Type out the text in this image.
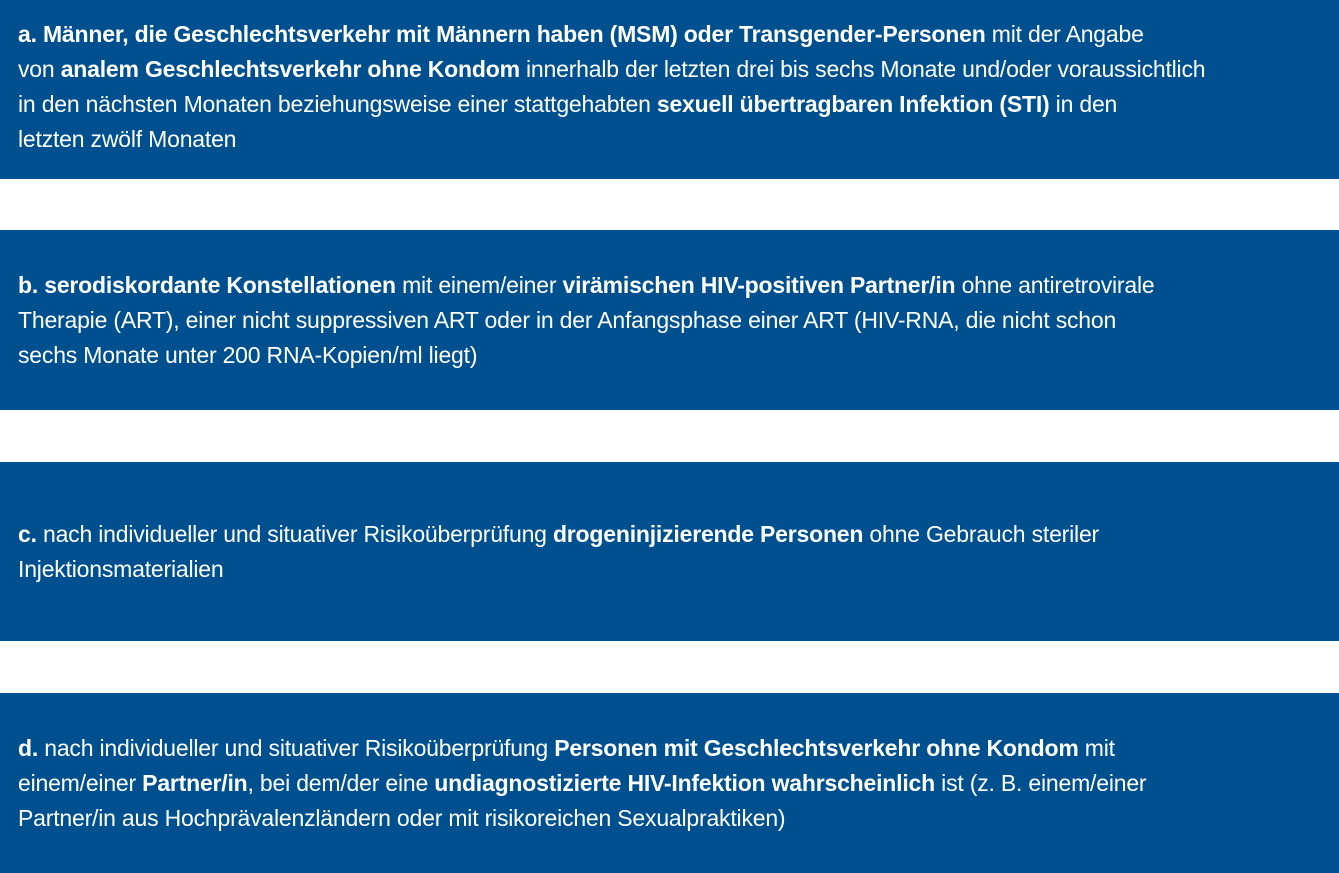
a. Männer, die Geschlechtsverkehr mit Männern haben (MSM) oder Transgender-Personen mit der Angabe
von analem Geschlechtsverkehr ohne Kondom innerhalb der letzten drei bis sechs Monate und/oder voraussichtlich
in den nächsten Monaten beziehungsweise einer stattgehabten sexuell übertragbaren Infektion (STI) in den
letzten zwölf Monaten

b. serodiskordante Konstellationen mit einem/einer virämischen HIV-positiven Partner/in ohne antiretrovirale
Therapie (ART), einer nicht suppressiven ART oder in der Anfangsphase einer ART (HIV-RNA, die nicht schon
sechs Monate unter 200 RNA-Kopien/ml liegt)

c. nach individueller und situativer Risikoüberprüfung drogeninjizierende Personen ohne Gebrauch steriler
Injektionsmaterialien

d. nach individueller und situativer Risikoüberprüfung Personen mit Geschlechtsverkehr ohne Kondom mit
einem/einer Partner/in, bei dem/der eine undiagnostizierte HIV-Infektion wahrscheinlich ist (z. B. einem/einer
Partner/in aus Hochprävalenzländern oder mit risikoreichen Sexualpraktiken)
